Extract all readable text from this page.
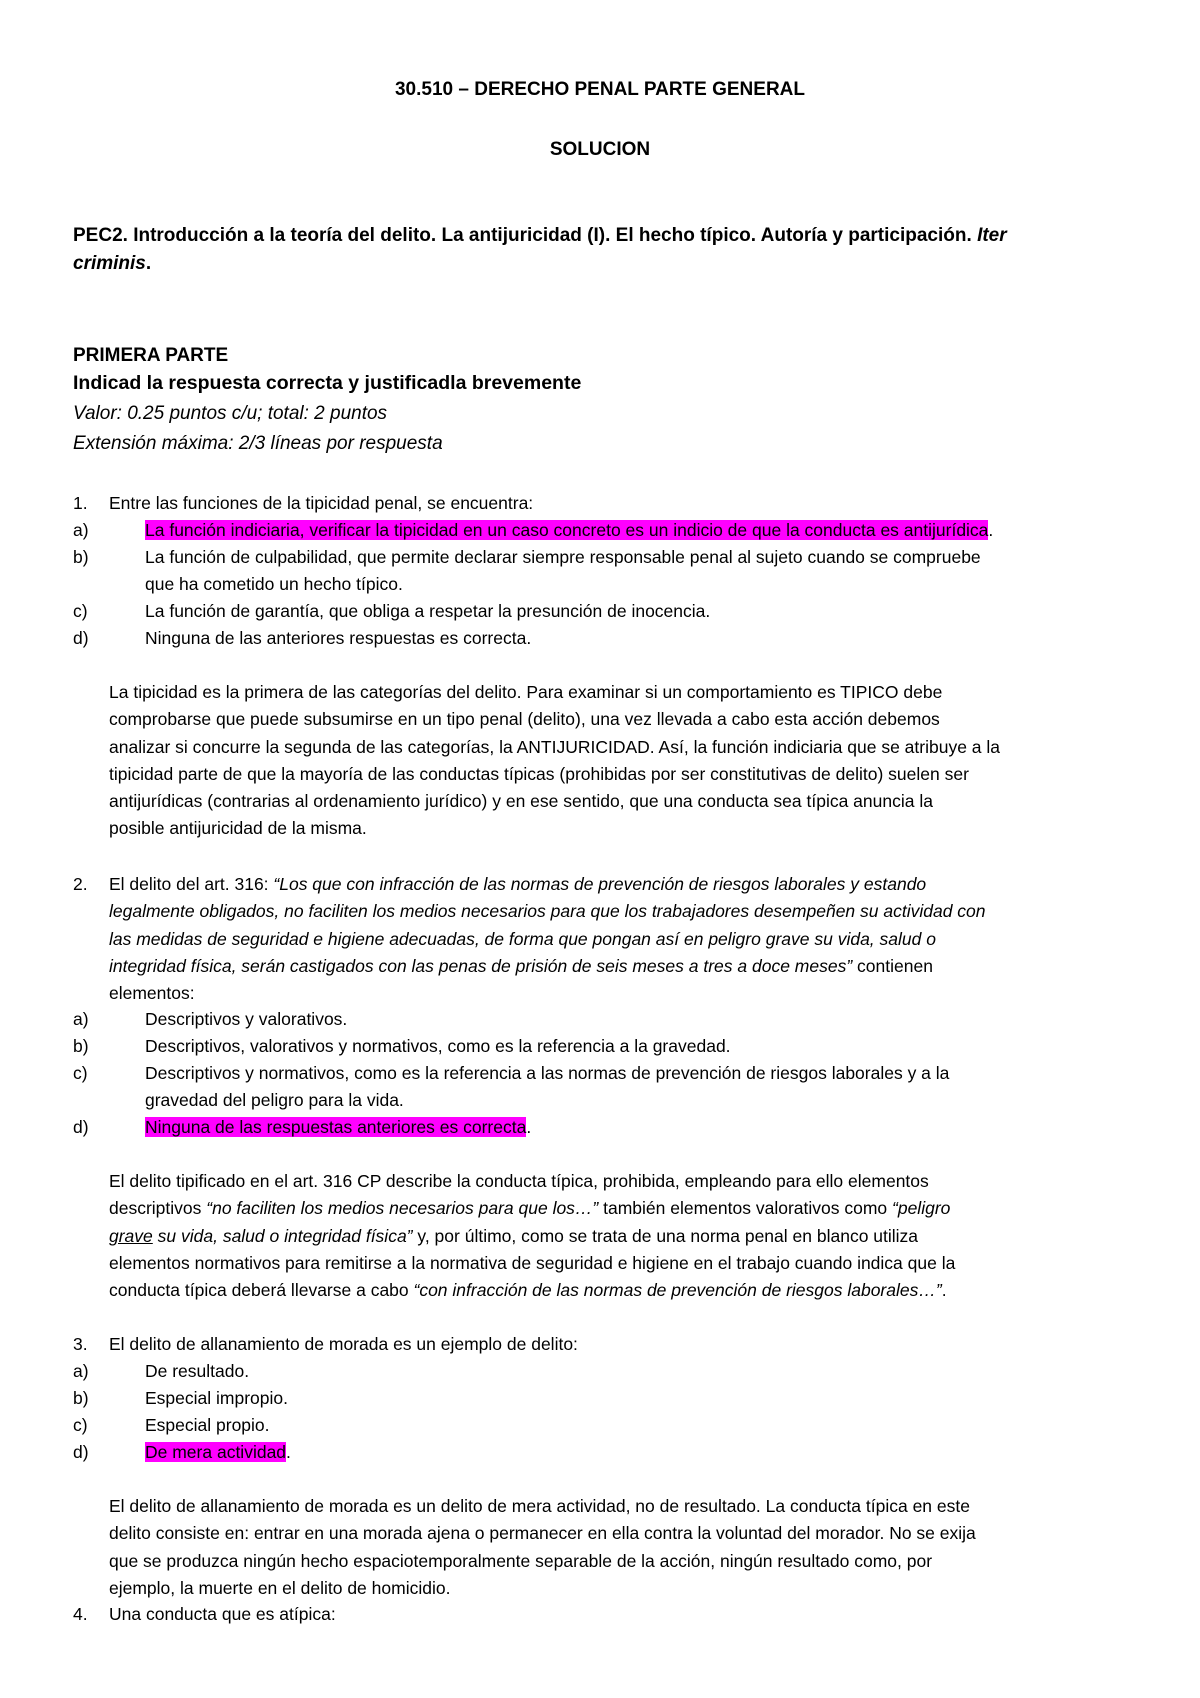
30.510 – DERECHO PENAL PARTE GENERAL
SOLUCION
PEC2. Introducción a la teoría del delito. La antijuricidad (I). El hecho típico. Autoría y participación. Iter
criminis.
PRIMERA PARTE
Indicad la respuesta correcta y justificadla brevemente
Valor: 0.25 puntos c/u; total: 2 puntos
Extensión máxima: 2/3 líneas por respuesta
1. Entre las funciones de la tipicidad penal, se encuentra:
a)	La función indiciaria, verificar la tipicidad en un caso concreto es un indicio de que la conducta es antijurídica.
b)	La función de culpabilidad, que permite declarar siempre responsable penal al sujeto cuando se compruebe
que ha cometido un hecho típico.
c)	La función de garantía, que obliga a respetar la presunción de inocencia.
d)	Ninguna de las anteriores respuestas es correcta.
La tipicidad es la primera de las categorías del delito. Para examinar si un comportamiento es TIPICO debe
comprobarse que puede subsumirse en un tipo penal (delito), una vez llevada a cabo esta acción debemos
analizar si concurre la segunda de las categorías, la ANTIJURICIDAD. Así, la función indiciaria que se atribuye a la
tipicidad parte de que la mayoría de las conductas típicas (prohibidas por ser constitutivas de delito) suelen ser
antijurídicas (contrarias al ordenamiento jurídico) y en ese sentido, que una conducta sea típica anuncia la
posible antijuricidad de la misma.
2. El delito del art. 316: “Los que con infracción de las normas de prevención de riesgos laborales y estando
legalmente obligados, no faciliten los medios necesarios para que los trabajadores desempeñen su actividad con
las medidas de seguridad e higiene adecuadas, de forma que pongan así en peligro grave su vida, salud o
integridad física, serán castigados con las penas de prisión de seis meses a tres a doce meses” contienen
elementos:
a)	Descriptivos y valorativos.
b)	Descriptivos, valorativos y normativos, como es la referencia a la gravedad.
c)	Descriptivos y normativos, como es la referencia a las normas de prevención de riesgos laborales y a la
gravedad del peligro para la vida.
d)	Ninguna de las respuestas anteriores es correcta.
El delito tipificado en el art. 316 CP describe la conducta típica, prohibida, empleando para ello elementos
descriptivos “no faciliten los medios necesarios para que los…” también elementos valorativos como “peligro
grave su vida, salud o integridad física” y, por último, como se trata de una norma penal en blanco utiliza
elementos normativos para remitirse a la normativa de seguridad e higiene en el trabajo cuando indica que la
conducta típica deberá llevarse a cabo “con infracción de las normas de prevención de riesgos laborales…”.
3. El delito de allanamiento de morada es un ejemplo de delito:
a)	De resultado.
b)	Especial impropio.
c)	Especial propio.
d)	De mera actividad.
El delito de allanamiento de morada es un delito de mera actividad, no de resultado. La conducta típica en este
delito consiste en: entrar en una morada ajena o permanecer en ella contra la voluntad del morador. No se exija
que se produzca ningún hecho espaciotemporalmente separable de la acción, ningún resultado como, por
ejemplo, la muerte en el delito de homicidio.
4. Una conducta que es atípica:
